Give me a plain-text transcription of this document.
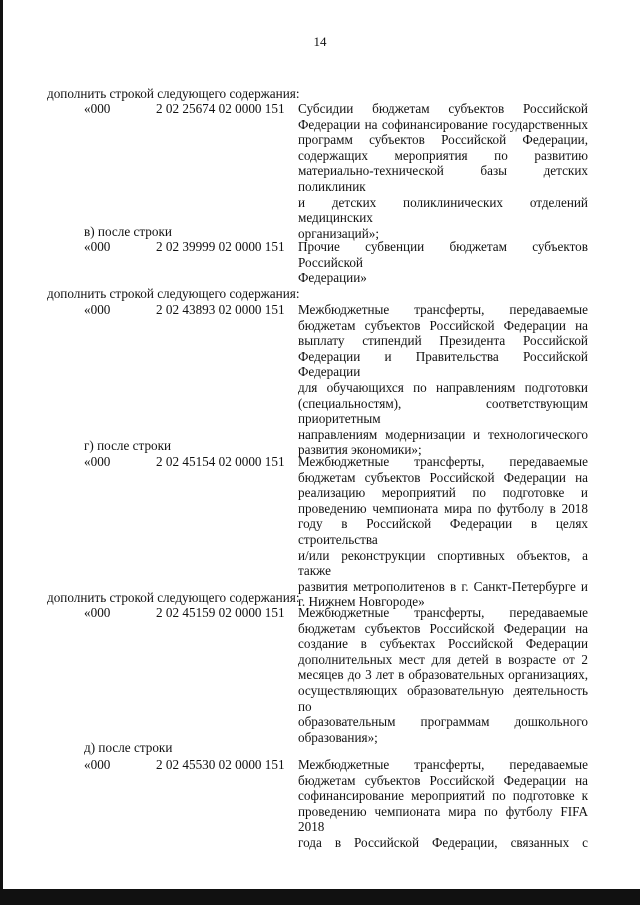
14
дополнить строкой следующего содержания:
«000	2 02 25674 02 0000 151 Субсидии бюджетам субъектов Российской
Федерации на софинансирование государственных
программ субъектов Российской Федерации,
содержащих мероприятия по развитию
материально-технической базы детских поликлиник
и детских поликлинических отделений медицинских
организаций»;
в) после строки
«000	2 02 39999 02 0000 151 Прочие субвенции бюджетам субъектов Российской
Федерации»
дополнить строкой следующего содержания:
«000	2 02 43893 02 0000 151 Межбюджетные трансферты, передаваемые
бюджетам субъектов Российской Федерации на
выплату стипендий Президента Российской
Федерации и Правительства Российской Федерации
для обучающихся по направлениям подготовки
(специальностям), соответствующим приоритетным
направлениям модернизации и технологического
развития экономики»;
г) после строки
«000	2 02 45154 02 0000 151 Межбюджетные трансферты, передаваемые
бюджетам субъектов Российской Федерации на
реализацию мероприятий по подготовке и
проведению чемпионата мира по футболу в 2018
году в Российской Федерации в целях строительства
и/или реконструкции спортивных объектов, а также
развития метрополитенов в г. Санкт-Петербурге и
г. Нижнем Новгороде»
дополнить строкой следующего содержания:
«000	2 02 45159 02 0000 151 Межбюджетные трансферты, передаваемые
бюджетам субъектов Российской Федерации на
создание в субъектах Российской Федерации
дополнительных мест для детей в возрасте от 2
месяцев до 3 лет в образовательных организациях,
осуществляющих образовательную деятельность по
образовательным программам дошкольного
образования»;
д) после строки
«000	2 02 45530 02 0000 151 Межбюджетные трансферты, передаваемые
бюджетам субъектов Российской Федерации на
софинансирование мероприятий по подготовке к
проведению чемпионата мира по футболу FIFA 2018
года в Российской Федерации, связанных с
